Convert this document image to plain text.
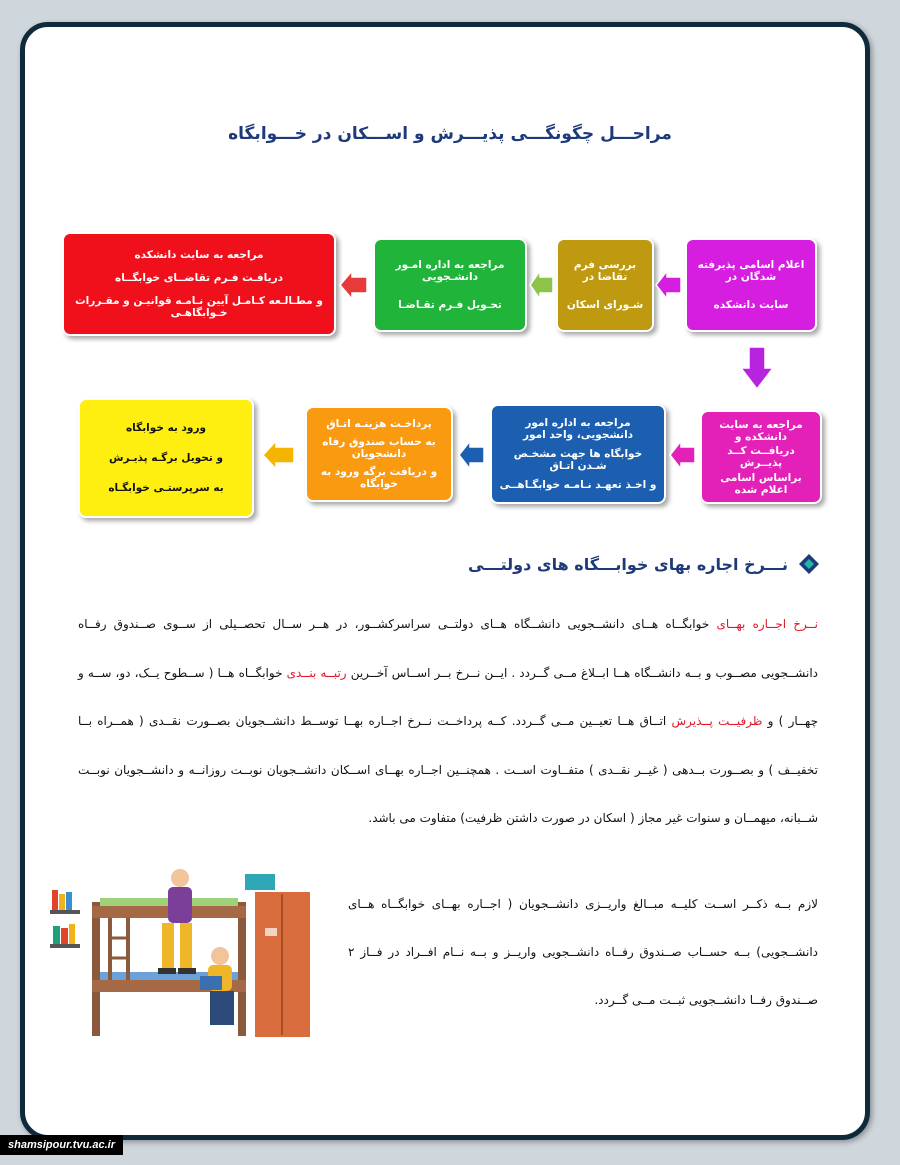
مراحـــل چگونگـــی پذیـــرش و اســـکان در خـــوابگاه
اعلام اسامی پذیرفته شدگان در
سایت دانشکده
بررسی فرم تقاضا در
شـورای اسکان
مراجعه به اداره امـور دانشـجویی
تحـویل فـرم تقـاضـا
مراجعه به سایت دانشکده
دریافـت فـرم تقاضــای خوابگــاه
و مطـالـعه کـامـل آیین نـامـه قوانیـن و مقـررات خـوابگاهـی
مراجعه به سایت دانشکده و
دریافــت کــد پذیــرش
براساس اسامی اعلام شده
مراجعه به اداره امور دانشجویی، واحد امور
خوابگاه ها جهت مشخـص شـدن اتـاق
و اخـذ تعهـد نـامـه خوابگـاهــی
پرداخـت هزینـه اتـاق
به حساب صندوق رفاه دانشجویان
و دریافت برگه ورود به خوابگاه
ورود به خوابگاه
و تحویل برگـه پذیـرش
به سرپرستـی خوابگـاه
نـــرخ اجاره بهای خوابـــگاه های دولتـــی
نــرخ اجــاره بهــای خوابگــاه هــای دانشــجویی دانشــگاه هــای دولتــی سراسرکشــور، در هــر ســال تحصــیلی از ســوی صــندوق رفــاه دانشــجویی مصــوب و بــه دانشــگاه هــا ابــلاغ مــی گــردد . ایــن نــرخ بــر اســاس آخــرین رتبــه بنــدی خوابگــاه هــا ( ســطوح یــک، دو، ســه و چهــار ) و ظرفیــت پــذیرش اتــاق هــا تعیــین مــی گــردد. کــه پرداخــت نــرخ اجــاره بهــا توســط دانشــجویان بصــورت نقــدی ( همــراه بــا تخفیــف ) و بصــورت بــدهی ( غیــر نقــدی ) متفــاوت اســت . همچنــین اجــاره بهــای اســکان دانشــجویان نوبــت روزانــه و دانشــجویان نوبــت شــبانه، میهمــان و سنوات غیر مجاز ( اسکان در صورت داشتن ظرفیت) متفاوت می باشد.
لازم بــه ذکــر اســت کلیــه مبــالغ واریــزی دانشــجویان ( اجــاره بهــای خوابگــاه هــای دانشــجویی) بــه حســاب صــندوق رفــاه دانشــجویی واریــز و بــه نــام افــراد در فــاز ۲ صــندوق رفــا دانشــجویی ثبــت مــی گــردد.
shamsipour.tvu.ac.ir
